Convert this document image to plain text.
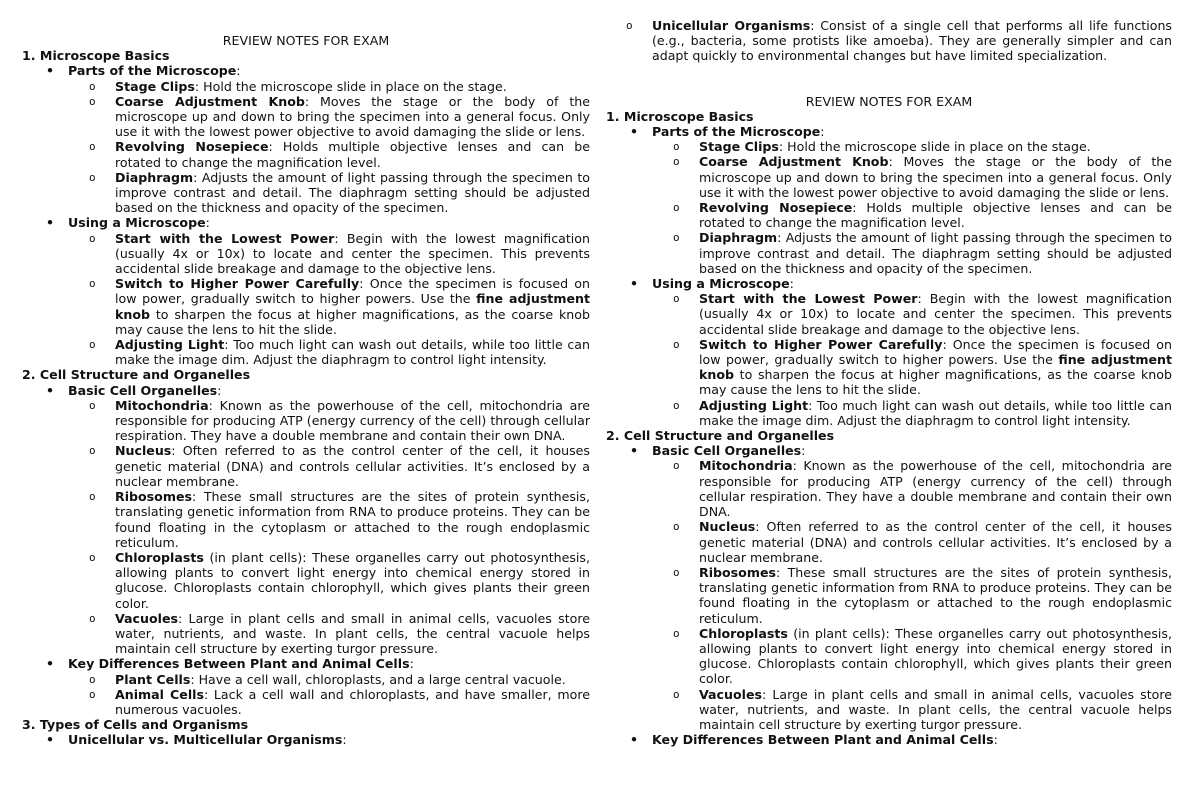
REVIEW NOTES FOR EXAM

1. Microscope Basics

• Parts of the Microscope:
o Stage Clips: Hold the microscope slide in place on the stage.
o Coarse Adjustment Knob: Moves the stage or the body of the microscope up and down to bring the specimen into a general focus. Only use it with the lowest power objective to avoid damaging the slide or lens.
o Revolving Nosepiece: Holds multiple objective lenses and can be rotated to change the magnification level.
o Diaphragm: Adjusts the amount of light passing through the specimen to improve contrast and detail. The diaphragm setting should be adjusted based on the thickness and opacity of the specimen.
• Using a Microscope:
o Start with the Lowest Power: Begin with the lowest magnification (usually 4x or 10x) to locate and center the specimen. This prevents accidental slide breakage and damage to the objective lens.
o Switch to Higher Power Carefully: Once the specimen is focused on low power, gradually switch to higher powers. Use the fine adjustment knob to sharpen the focus at higher magnifications, as the coarse knob may cause the lens to hit the slide.
o Adjusting Light: Too much light can wash out details, while too little can make the image dim. Adjust the diaphragm to control light intensity.

2. Cell Structure and Organelles

• Basic Cell Organelles:
o Mitochondria: Known as the powerhouse of the cell, mitochondria are responsible for producing ATP (energy currency of the cell) through cellular respiration. They have a double membrane and contain their own DNA.
o Nucleus: Often referred to as the control center of the cell, it houses genetic material (DNA) and controls cellular activities. It’s enclosed by a nuclear membrane.
o Ribosomes: These small structures are the sites of protein synthesis, translating genetic information from RNA to produce proteins. They can be found floating in the cytoplasm or attached to the rough endoplasmic reticulum.
o Chloroplasts (in plant cells): These organelles carry out photosynthesis, allowing plants to convert light energy into chemical energy stored in glucose. Chloroplasts contain chlorophyll, which gives plants their green color.
o Vacuoles: Large in plant cells and small in animal cells, vacuoles store water, nutrients, and waste. In plant cells, the central vacuole helps maintain cell structure by exerting turgor pressure.
• Key Differences Between Plant and Animal Cells:
o Plant Cells: Have a cell wall, chloroplasts, and a large central vacuole.
o Animal Cells: Lack a cell wall and chloroplasts, and have smaller, more numerous vacuoles.

3. Types of Cells and Organisms

• Unicellular vs. Multicellular Organisms:
o Unicellular Organisms: Consist of a single cell that performs all life functions (e.g., bacteria, some protists like amoeba). They are generally simpler and can adapt quickly to environmental changes but have limited specialization.

REVIEW NOTES FOR EXAM

1. Microscope Basics

• Parts of the Microscope:
o Stage Clips: Hold the microscope slide in place on the stage.
o Coarse Adjustment Knob: Moves the stage or the body of the microscope up and down to bring the specimen into a general focus. Only use it with the lowest power objective to avoid damaging the slide or lens.
o Revolving Nosepiece: Holds multiple objective lenses and can be rotated to change the magnification level.
o Diaphragm: Adjusts the amount of light passing through the specimen to improve contrast and detail. The diaphragm setting should be adjusted based on the thickness and opacity of the specimen.
• Using a Microscope:
o Start with the Lowest Power: Begin with the lowest magnification (usually 4x or 10x) to locate and center the specimen. This prevents accidental slide breakage and damage to the objective lens.
o Switch to Higher Power Carefully: Once the specimen is focused on low power, gradually switch to higher powers. Use the fine adjustment knob to sharpen the focus at higher magnifications, as the coarse knob may cause the lens to hit the slide.
o Adjusting Light: Too much light can wash out details, while too little can make the image dim. Adjust the diaphragm to control light intensity.

2. Cell Structure and Organelles

• Basic Cell Organelles:
o Mitochondria: Known as the powerhouse of the cell, mitochondria are responsible for producing ATP (energy currency of the cell) through cellular respiration. They have a double membrane and contain their own DNA.
o Nucleus: Often referred to as the control center of the cell, it houses genetic material (DNA) and controls cellular activities. It’s enclosed by a nuclear membrane.
o Ribosomes: These small structures are the sites of protein synthesis, translating genetic information from RNA to produce proteins. They can be found floating in the cytoplasm or attached to the rough endoplasmic reticulum.
o Chloroplasts (in plant cells): These organelles carry out photosynthesis, allowing plants to convert light energy into chemical energy stored in glucose. Chloroplasts contain chlorophyll, which gives plants their green color.
o Vacuoles: Large in plant cells and small in animal cells, vacuoles store water, nutrients, and waste. In plant cells, the central vacuole helps maintain cell structure by exerting turgor pressure.
• Key Differences Between Plant and Animal Cells:
